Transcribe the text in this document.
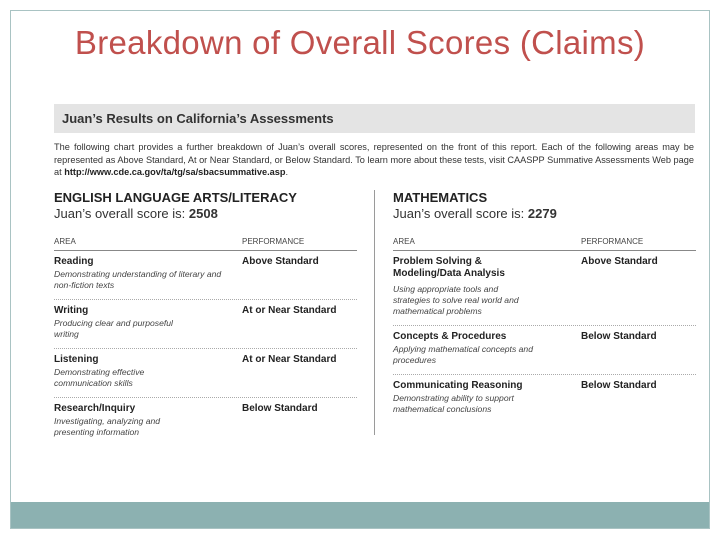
Breakdown of Overall Scores (Claims)
Juan’s Results on California’s Assessments
The following chart provides a further breakdown of Juan’s overall scores, represented on the front of this report. Each of the following areas may be represented as Above Standard, At or Near Standard, or Below Standard. To learn more about these tests, visit CAASPP Summative Assessments Web page at http://www.cde.ca.gov/ta/tg/sa/sbacsummative.asp.
ENGLISH LANGUAGE ARTS/LITERACY
Juan’s overall score is: 2508
AREA	PERFORMANCE
Reading
Demonstrating understanding of literary and non-fiction texts
Above Standard
Writing
Producing clear and purposeful writing
At or Near Standard
Listening
Demonstrating effective communication skills
At or Near Standard
Research/Inquiry
Investigating, analyzing and presenting information
Below Standard
MATHEMATICS
Juan’s overall score is: 2279
AREA	PERFORMANCE
Problem Solving & Modeling/Data Analysis
Using appropriate tools and strategies to solve real world and mathematical problems
Above Standard
Concepts & Procedures
Applying mathematical concepts and procedures
Below Standard
Communicating Reasoning
Demonstrating ability to support mathematical conclusions
Below Standard
